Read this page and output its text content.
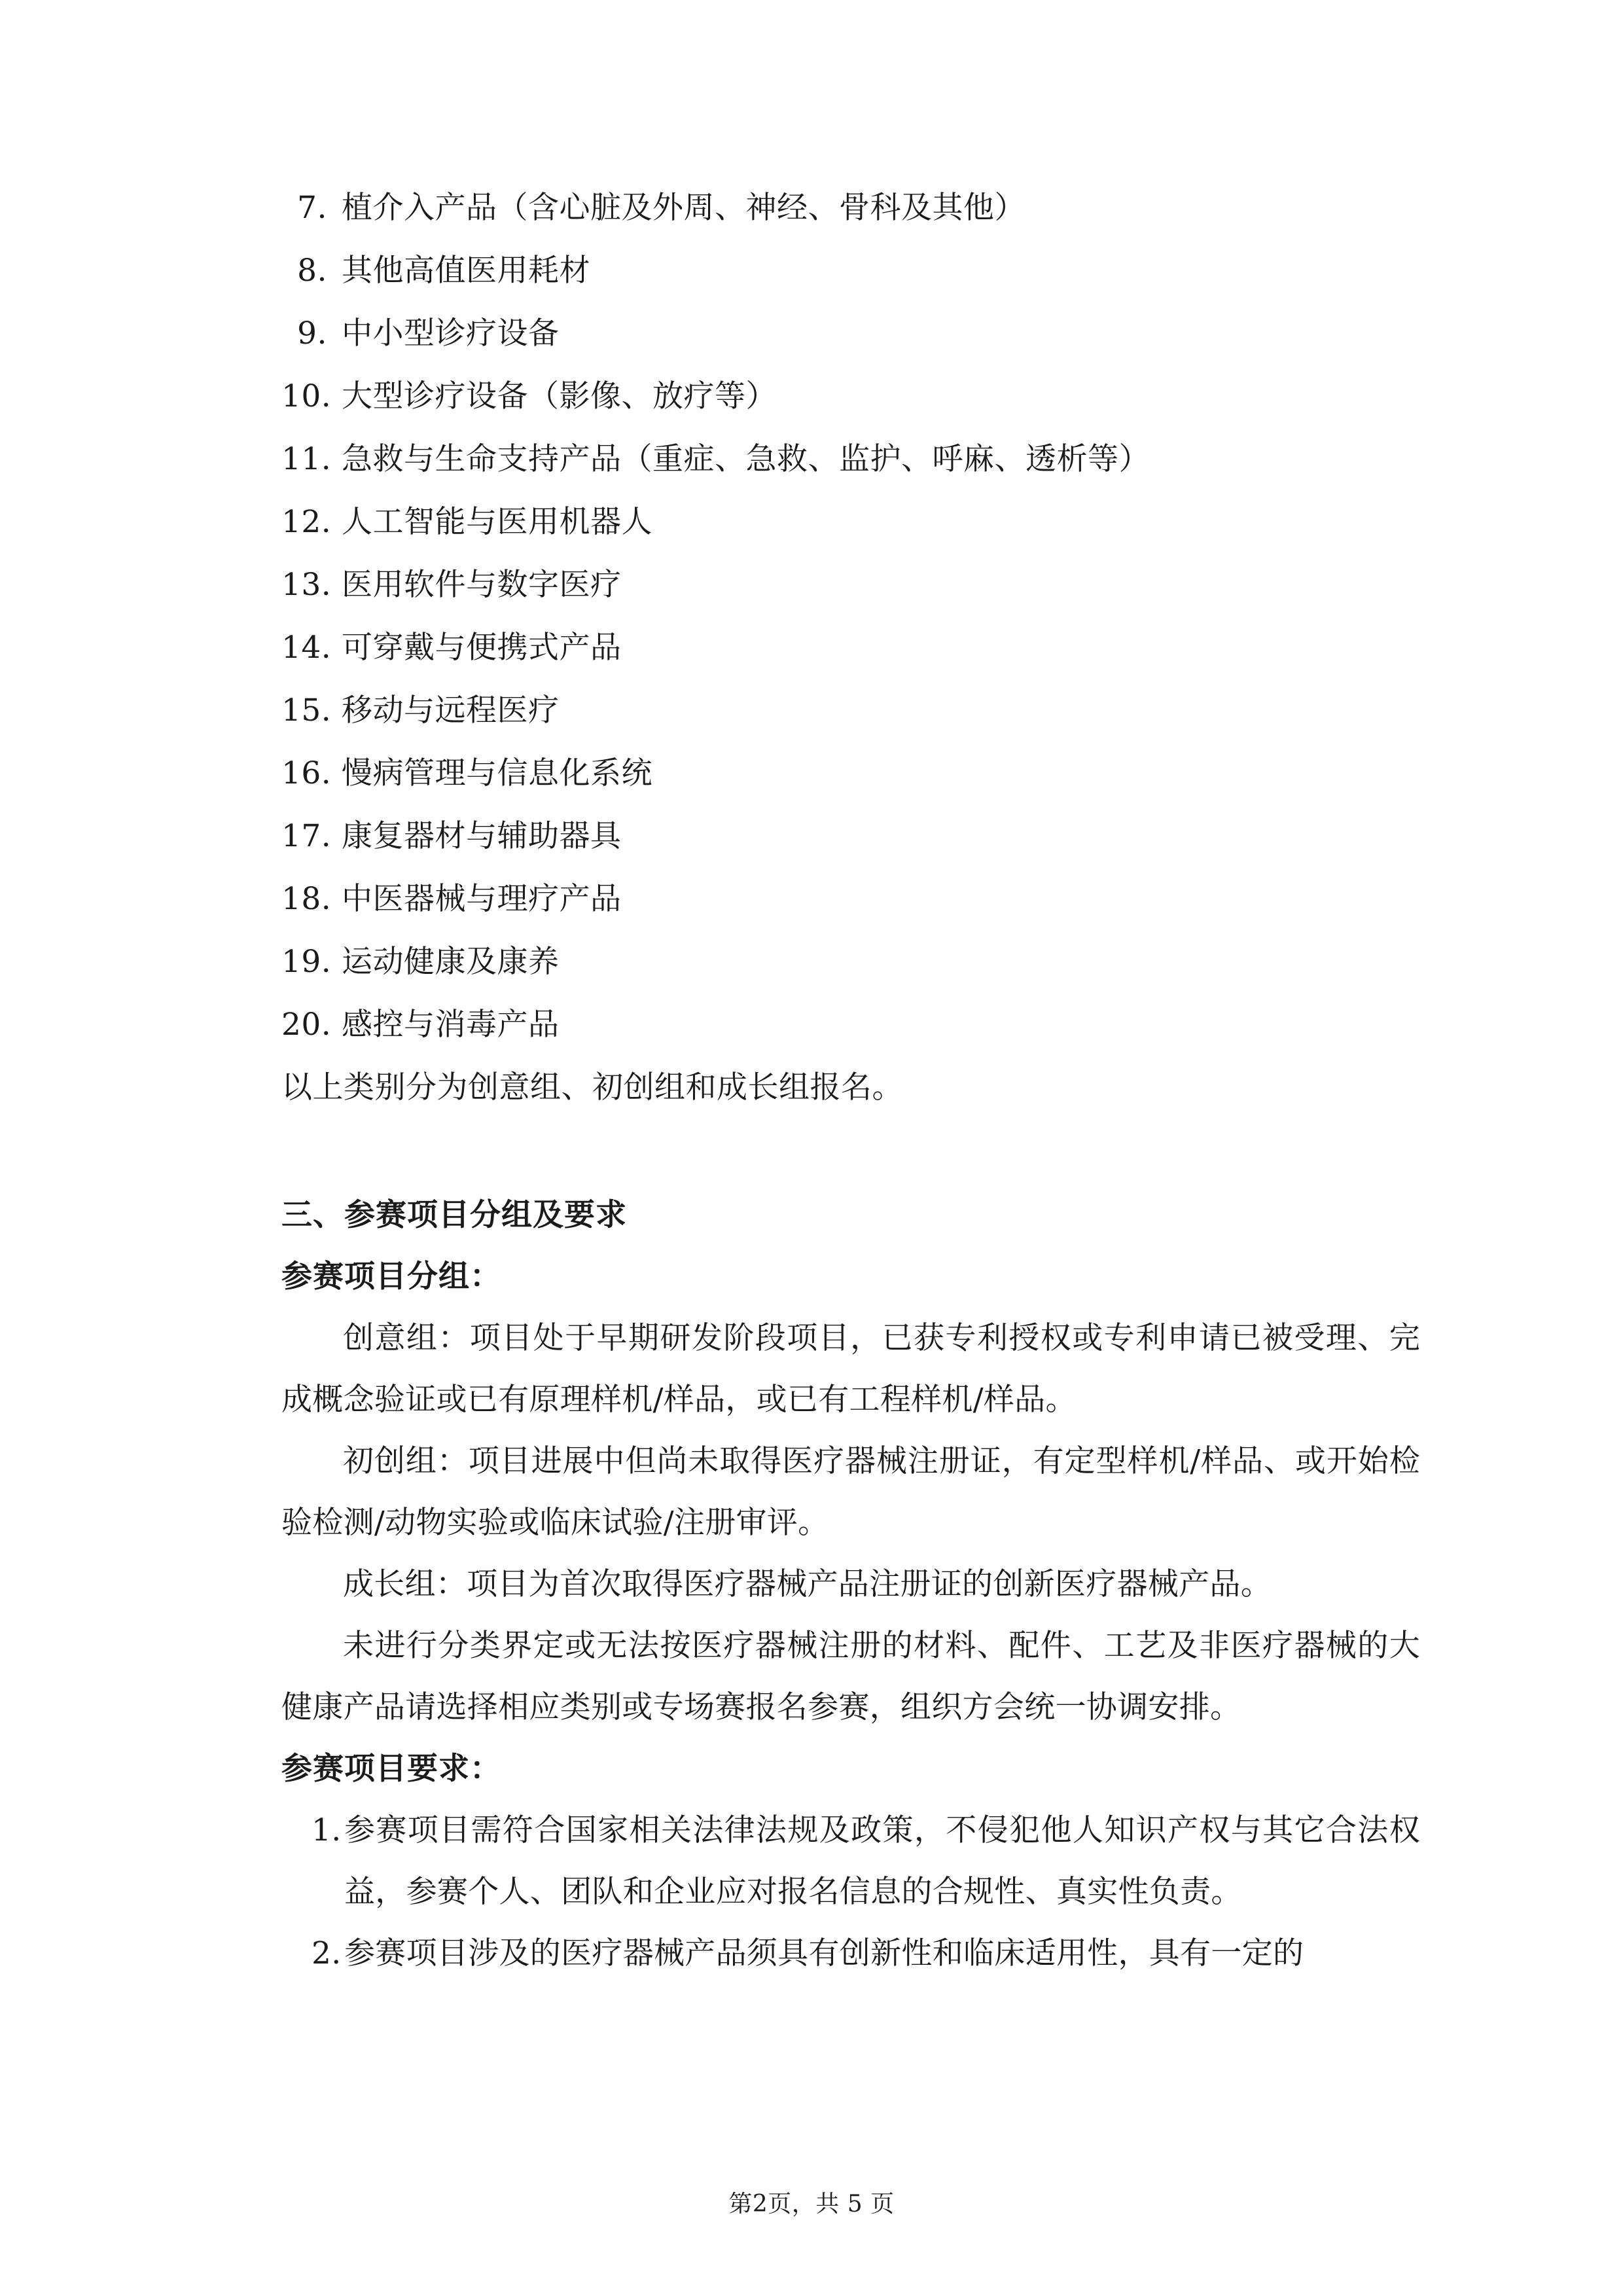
7. 植介入产品（含心脏及外周、神经、骨科及其他）
8. 其他高值医用耗材
9. 中小型诊疗设备
10. 大型诊疗设备（影像、放疗等）
11. 急救与生命支持产品（重症、急救、监护、呼麻、透析等）
12. 人工智能与医用机器人
13. 医用软件与数字医疗
14. 可穿戴与便携式产品
15. 移动与远程医疗
16. 慢病管理与信息化系统
17. 康复器材与辅助器具
18. 中医器械与理疗产品
19. 运动健康及康养
20. 感控与消毒产品
以上类别分为创意组、初创组和成长组报名。
三、参赛项目分组及要求
参赛项目分组：
创意组：项目处于早期研发阶段项目，已获专利授权或专利申请已被受理、完成概念验证或已有原理样机/样品，或已有工程样机/样品。
初创组：项目进展中但尚未取得医疗器械注册证，有定型样机/样品、或开始检验检测/动物实验或临床试验/注册审评。
成长组：项目为首次取得医疗器械产品注册证的创新医疗器械产品。
未进行分类界定或无法按医疗器械注册的材料、配件、工艺及非医疗器械的大健康产品请选择相应类别或专场赛报名参赛，组织方会统一协调安排。
参赛项目要求：
1. 参赛项目需符合国家相关法律法规及政策，不侵犯他人知识产权与其它合法权益，参赛个人、团队和企业应对报名信息的合规性、真实性负责。
2. 参赛项目涉及的医疗器械产品须具有创新性和临床适用性，具有一定的
第2页，共 5 页
